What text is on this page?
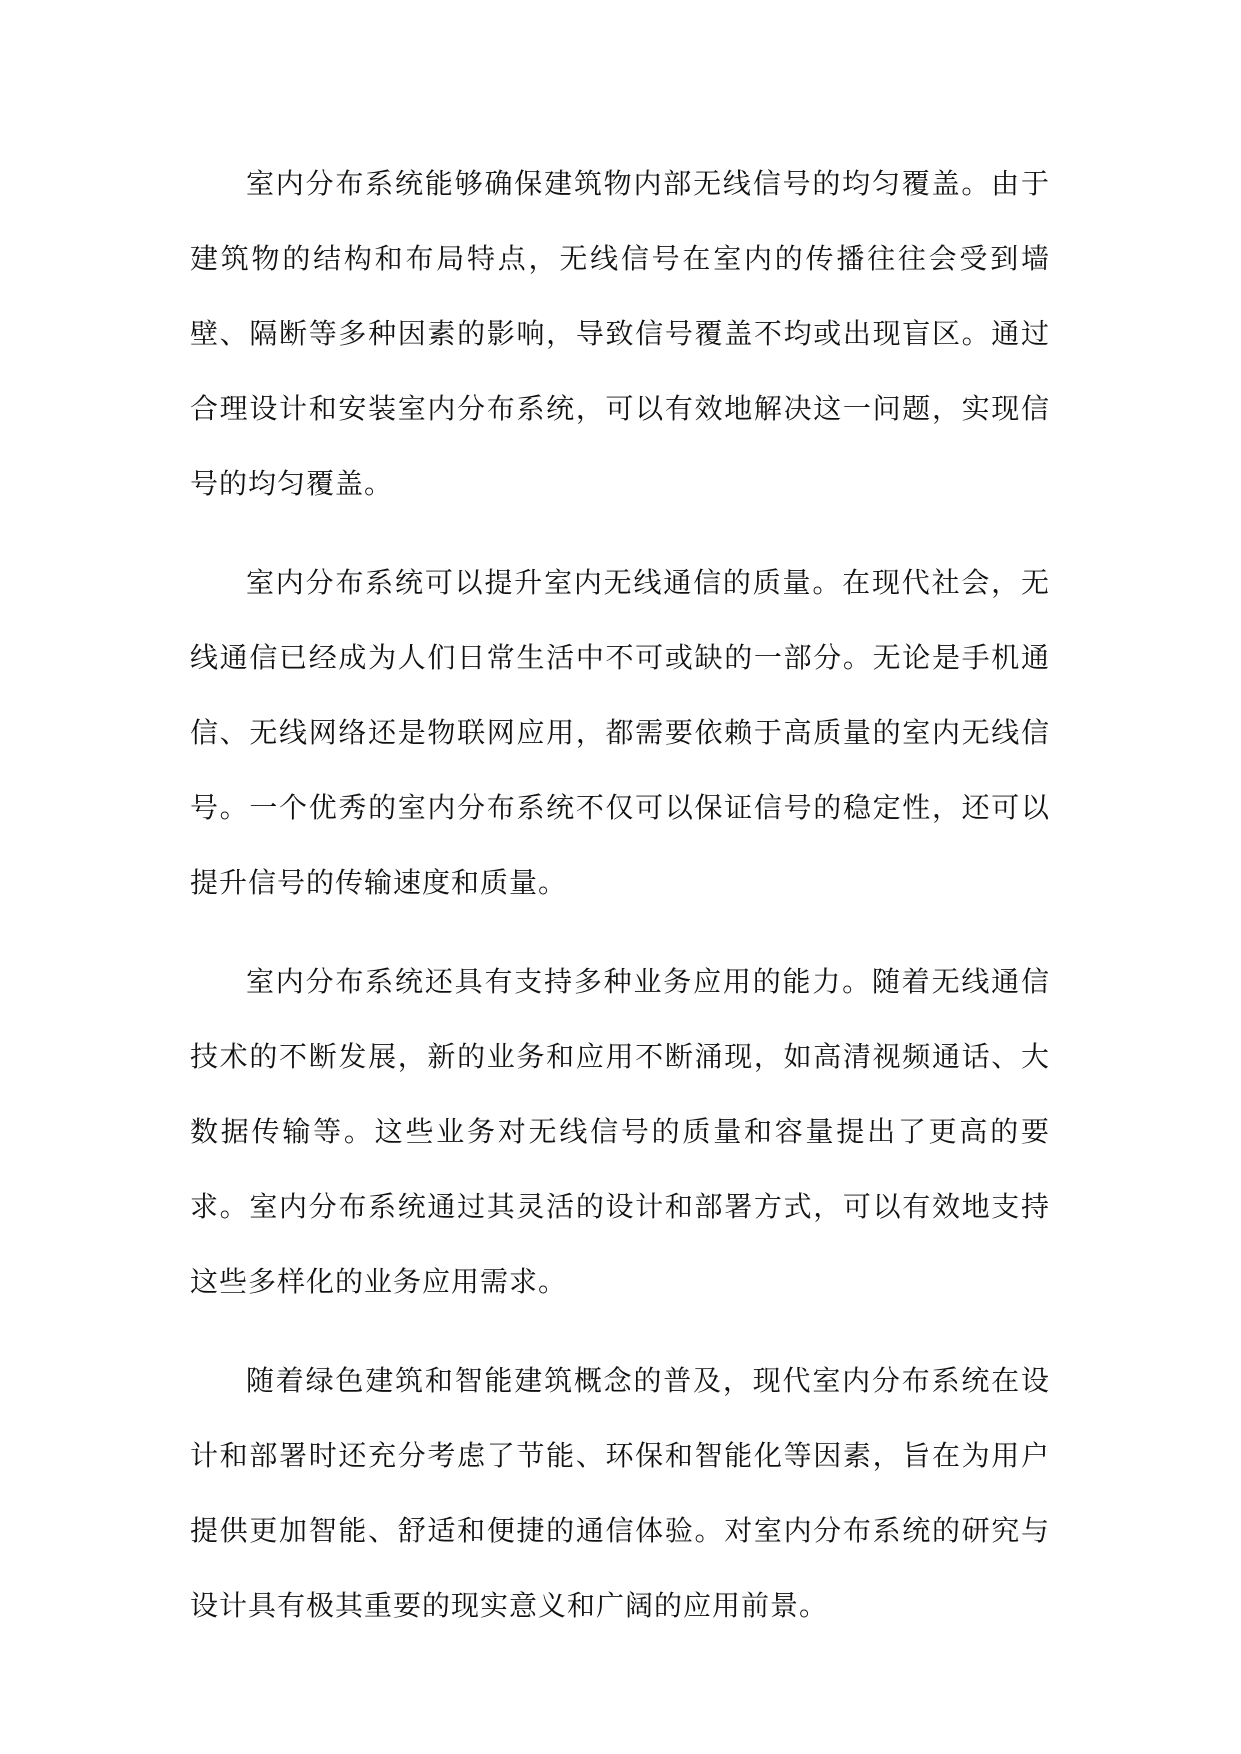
室内分布系统能够确保建筑物内部无线信号的均匀覆盖。由于建筑物的结构和布局特点，无线信号在室内的传播往往会受到墙壁、隔断等多种因素的影响，导致信号覆盖不均或出现盲区。通过合理设计和安装室内分布系统，可以有效地解决这一问题，实现信号的均匀覆盖。

室内分布系统可以提升室内无线通信的质量。在现代社会，无线通信已经成为人们日常生活中不可或缺的一部分。无论是手机通信、无线网络还是物联网应用，都需要依赖于高质量的室内无线信号。一个优秀的室内分布系统不仅可以保证信号的稳定性，还可以提升信号的传输速度和质量。

室内分布系统还具有支持多种业务应用的能力。随着无线通信技术的不断发展，新的业务和应用不断涌现，如高清视频通话、大数据传输等。这些业务对无线信号的质量和容量提出了更高的要求。室内分布系统通过其灵活的设计和部署方式，可以有效地支持这些多样化的业务应用需求。

随着绿色建筑和智能建筑概念的普及，现代室内分布系统在设计和部署时还充分考虑了节能、环保和智能化等因素，旨在为用户提供更加智能、舒适和便捷的通信体验。对室内分布系统的研究与设计具有极其重要的现实意义和广阔的应用前景。
